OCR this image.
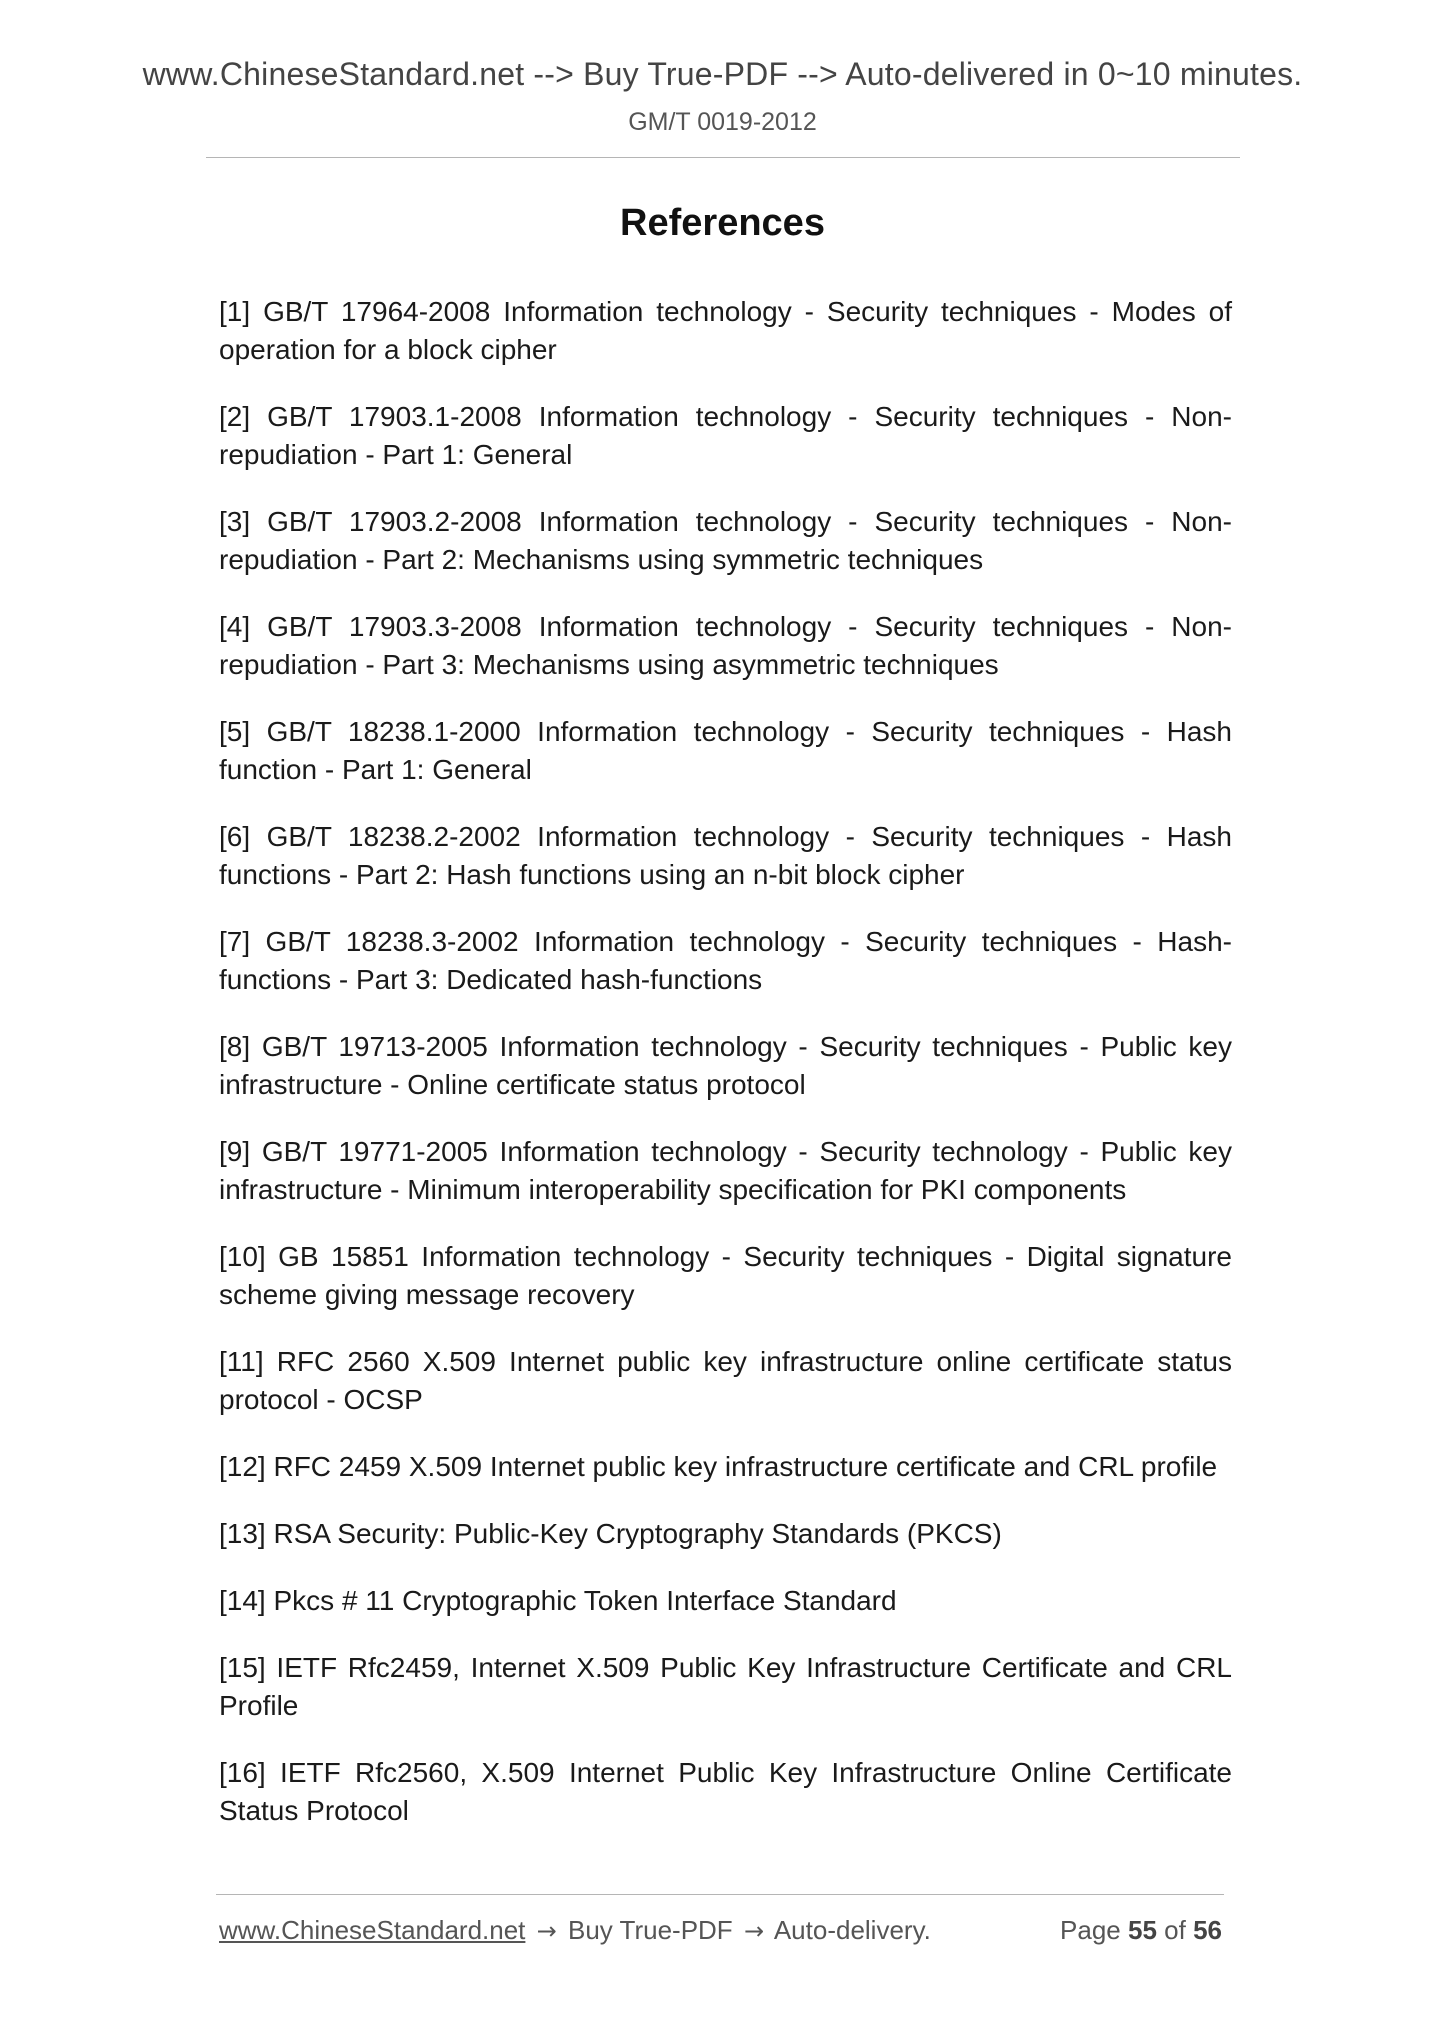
www.ChineseStandard.net --> Buy True-PDF --> Auto-delivered in 0~10 minutes.
GM/T 0019-2012
References
[1] GB/T 17964-2008 Information technology - Security techniques - Modes of operation for a block cipher
[2] GB/T 17903.1-2008 Information technology - Security techniques - Non-repudiation - Part 1: General
[3] GB/T 17903.2-2008 Information technology - Security techniques - Non-repudiation - Part 2: Mechanisms using symmetric techniques
[4] GB/T 17903.3-2008 Information technology - Security techniques - Non-repudiation - Part 3: Mechanisms using asymmetric techniques
[5] GB/T 18238.1-2000 Information technology - Security techniques - Hash function - Part 1: General
[6] GB/T 18238.2-2002 Information technology - Security techniques - Hash functions - Part 2: Hash functions using an n-bit block cipher
[7] GB/T 18238.3-2002 Information technology - Security techniques - Hash-functions - Part 3: Dedicated hash-functions
[8] GB/T 19713-2005 Information technology - Security techniques - Public key infrastructure - Online certificate status protocol
[9] GB/T 19771-2005 Information technology - Security technology - Public key infrastructure - Minimum interoperability specification for PKI components
[10] GB 15851 Information technology - Security techniques - Digital signature scheme giving message recovery
[11] RFC 2560 X.509 Internet public key infrastructure online certificate status protocol - OCSP
[12] RFC 2459 X.509 Internet public key infrastructure certificate and CRL profile
[13] RSA Security: Public-Key Cryptography Standards (PKCS)
[14] Pkcs # 11 Cryptographic Token Interface Standard
[15] IETF Rfc2459, Internet X.509 Public Key Infrastructure Certificate and CRL Profile
[16] IETF Rfc2560, X.509 Internet Public Key Infrastructure Online Certificate Status Protocol
www.ChineseStandard.net → Buy True-PDF → Auto-delivery.	Page 55 of 56
